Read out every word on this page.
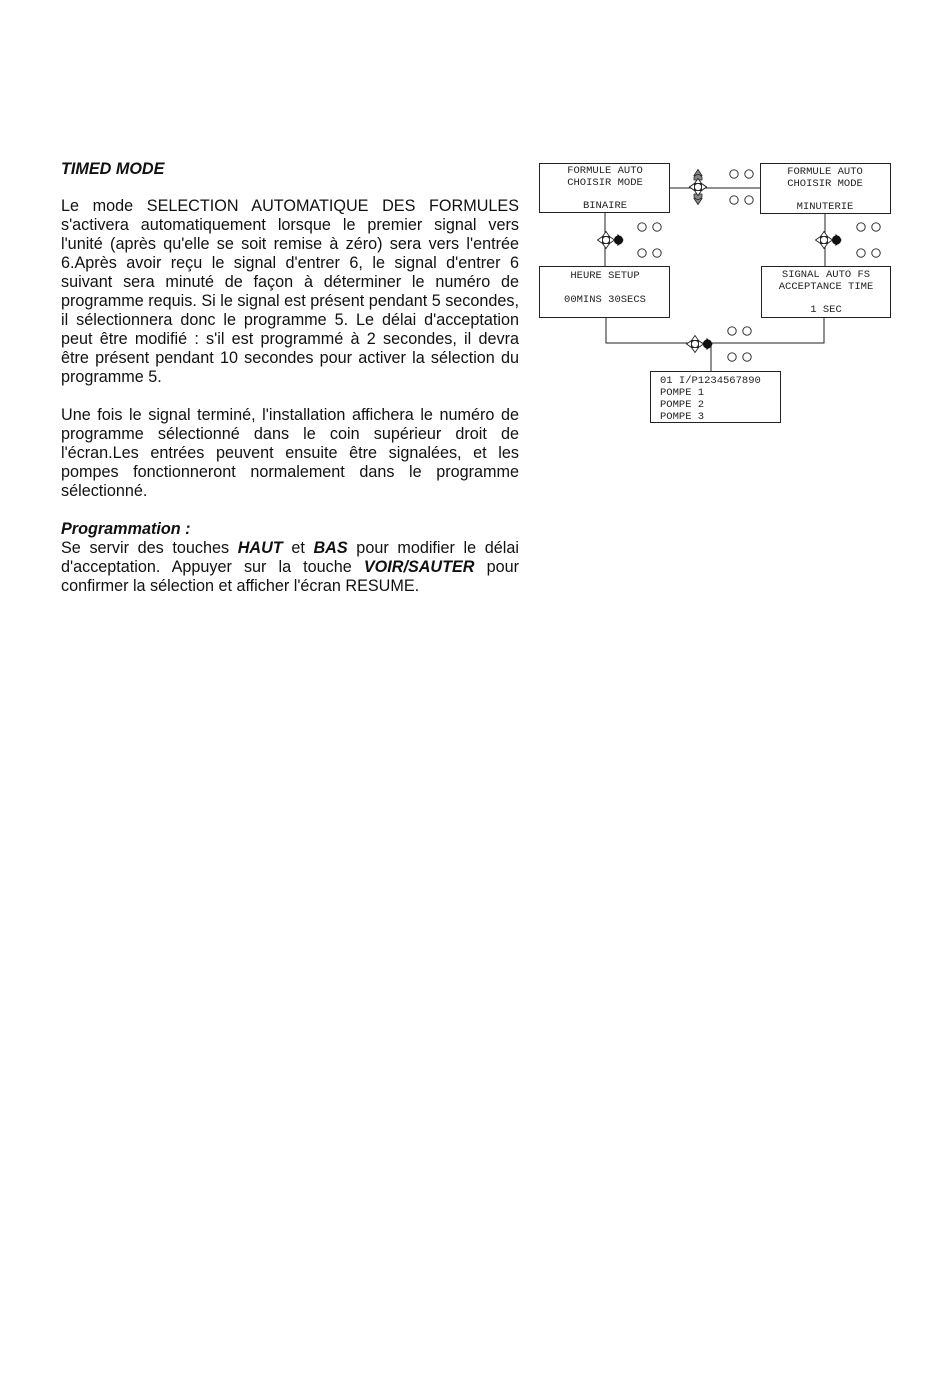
TIMED MODE

Le mode SELECTION AUTOMATIQUE DES FORMULES s'activera automatiquement lorsque le premier signal vers l'unité (après qu'elle se soit remise à zéro) sera vers l'entrée 6.Après avoir reçu le signal d'entrer 6, le signal d'entrer 6 suivant sera minuté de façon à déterminer le numéro de programme requis. Si le signal est présent pendant 5 secondes, il sélectionnera donc le programme 5. Le délai d'acceptation peut être modifié : s'il est programmé à 2 secondes, il devra être présent pendant 10 secondes pour activer la sélection du programme 5.

Une fois le signal terminé, l'installation affichera le numéro de programme sélectionné dans le coin supérieur droit de l'écran.Les entrées peuvent ensuite être signalées, et les pompes fonctionneront normalement dans le programme sélectionné.

Programmation :

Se servir des touches HAUT et BAS pour modifier le délai d'acceptation. Appuyer sur la touche VOIR/SAUTER pour confirmer la sélection et afficher l'écran RESUME.

FORMULE AUTO
CHOISIR MODE
BINAIRE
FORMULE AUTO
CHOISIR MODE
MINUTERIE
HEURE SETUP
00MINS 30SECS
SIGNAL AUTO FS
ACCEPTANCE TIME
1 SEC
01 I/P1234567890
POMPE 1
POMPE 2
POMPE 3
